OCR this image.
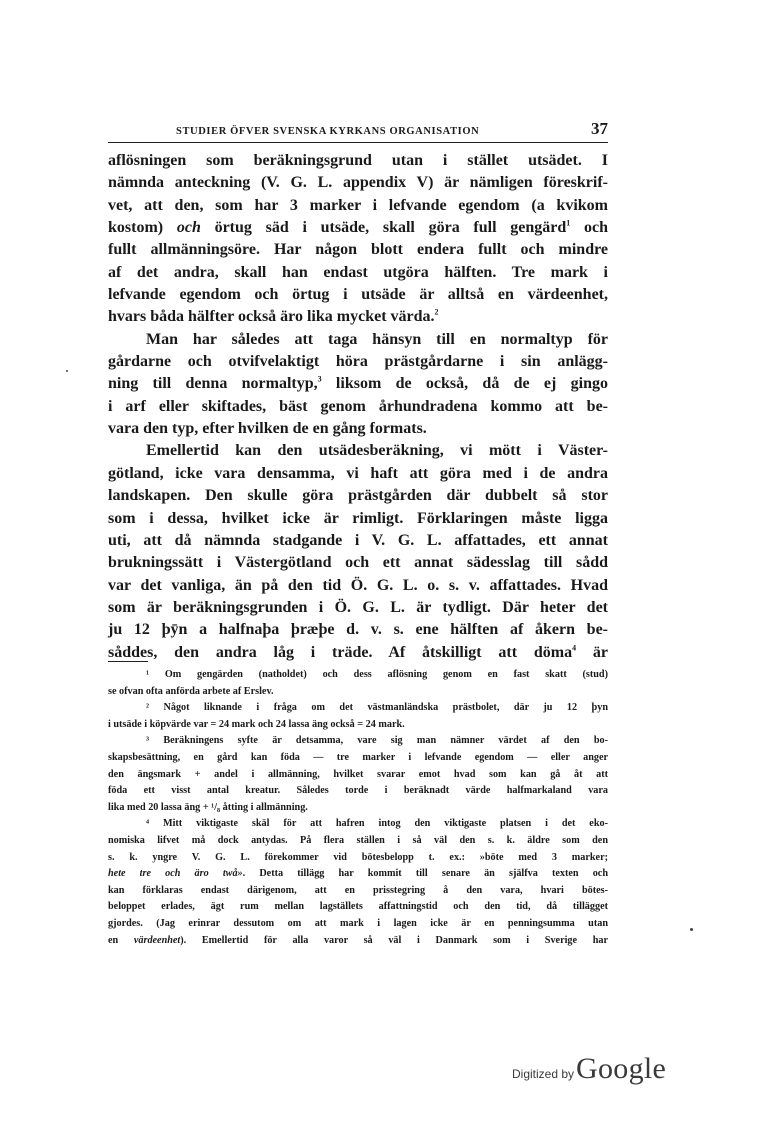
STUDIER ÖFVER SVENSKA KYRKANS ORGANISATION	37
aflösningen som beräkningsgrund utan i stället utsädet. I
nämnda anteckning (V. G. L. appendix V) är nämligen föreskrif-
vet, att den, som har 3 marker i lefvande egendom (a kvikom
kostom) och örtug säd i utsäde, skall göra full gengärd$^1$ och
fullt allmänningsöre. Har någon blott endera fullt och mindre
af det andra, skall han endast utgöra hälften. Tre mark i
lefvande egendom och örtug i utsäde är alltså en värdeenhet,
hvars båda hälfter också äro lika mycket värda.$^2$
Man har således att taga hänsyn till en normaltyp för
gårdarne och otvifvelaktigt höra prästgårdarne i sin anlägg-
ning till denna normaltyp,$^3$ liksom de också, då de ej gingo
i arf eller skiftades, bäst genom århundradena kommo att be-
vara den typ, efter hvilken de en gång formats.
Emellertid kan den utsädesberäkning, vi mött i Väster-
götland, icke vara densamma, vi haft att göra med i de andra
landskapen. Den skulle göra prästgården där dubbelt så stor
som i dessa, hvilket icke är rimligt. Förklaringen måste ligga
uti, att då nämnda stadgande i V. G. L. affattades, ett annat
brukningssätt i Västergötland och ett annat sädesslag till sådd
var det vanliga, än på den tid Ö. G. L. o. s. v. affattades. Hvad
som är beräkningsgrunden i Ö. G. L. är tydligt. Där heter det
ju 12 þȳn a halfnaþa þræþe d. v. s. ene hälften af åkern be-
såddes, den andra låg i träde. Af åtskilligt att döma$^4$ är
¹ Om gengärden (natholdet) och dess aflösning genom en fast skatt (stud)
se ofvan ofta anförda arbete af Erslev.
² Något liknande i fråga om det västmanländska prästbolet, där ju 12 þyn
i utsäde i köpvärde var = 24 mark och 24 lassa äng också = 24 mark.
³ Beräkningens syfte är detsamma, vare sig man nämner värdet af den bo-
skapsbesättning, en gård kan föda — tre marker i lefvande egendom — eller anger
den ängsmark + andel i allmänning, hvilket svarar emot hvad som kan gå åt att
föda ett visst antal kreatur. Således torde i beräknadt värde halfmarkaland vara
lika med 20 lassa äng + ¹/₈ åtting i allmänning.
⁴ Mitt viktigaste skäl för att hafren intog den viktigaste platsen i det eko-
nomiska lifvet må dock antydas. På flera ställen i så väl den s. k. äldre som den
s. k. yngre V. G. L. förekommer vid bötesbelopp t. ex.: »böte med 3 marker;
hete tre och äro twå». Detta tillägg har kommit till senare än själfva texten och
kan förklaras endast därigenom, att en prisstegring å den vara, hvari bötes-
beloppet erlades, ägt rum mellan lagställets affattningstid och den tid, då tillägget
gjordes. (Jag erinrar dessutom om att mark i lagen icke är en penningsumma utan
en värdeenhet). Emellertid för alla varor så väl i Danmark som i Sverige har
Digitized by Google
